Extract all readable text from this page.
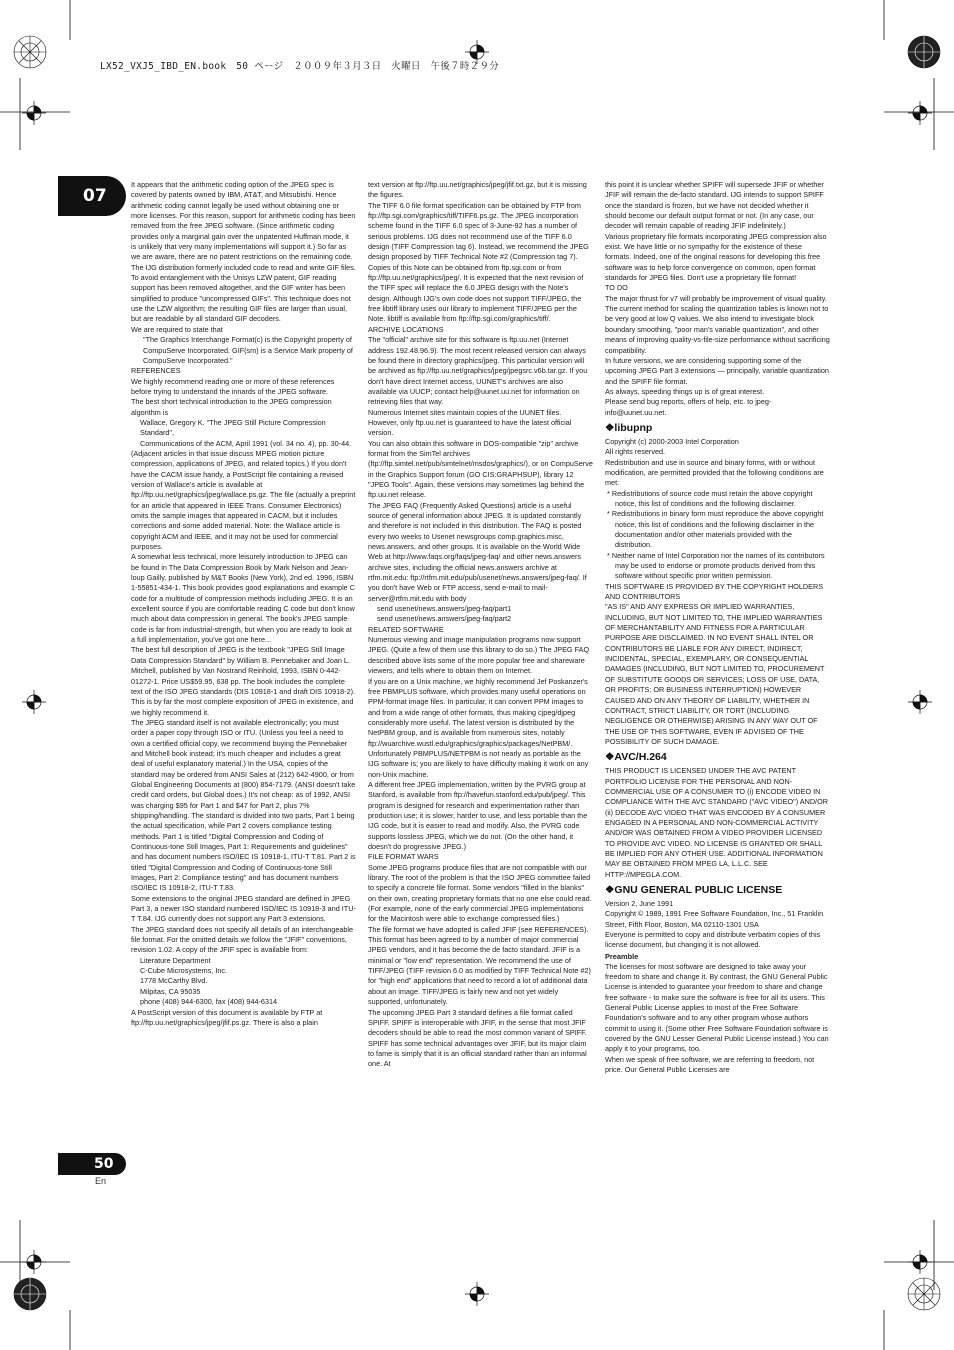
LX52_VXJ5_IBD_EN.book　50 ページ　２００９年３月３日　火曜日　午後７時２９分
07

It appears that the arithmetic coding option of the JPEG spec is covered by patents owned by IBM, AT&T, and Mitsubishi. Hence arithmetic coding cannot legally be used without obtaining one or more licenses. For this reason, support for arithmetic coding has been removed from the free JPEG software. (Since arithmetic coding provides only a marginal gain over the unpatented Huffman mode, it is unlikely that very many implementations will support it.) So far as we are aware, there are no patent restrictions on the remaining code.

The IJG distribution formerly included code to read and write GIF files. To avoid entanglement with the Unisys LZW patent, GIF reading support has been removed altogether, and the GIF writer has been simplified to produce "uncompressed GIFs". This technique does not use the LZW algorithm; the resulting GIF files are larger than usual, but are readable by all standard GIF decoders.

We are required to state that

"The Graphics Interchange Format(c) is the Copyright property of CompuServe Incorporated. GIF(sm) is a Service Mark property of CompuServe Incorporated."

REFERENCES

We highly recommend reading one or more of these references before trying to understand the innards of the JPEG software.

The best short technical introduction to the JPEG compression algorithm is

Wallace, Gregory K. "The JPEG Still Picture Compression Standard",

Communications of the ACM, April 1991 (vol. 34 no. 4), pp. 30-44.

(Adjacent articles in that issue discuss MPEG motion picture compression, applications of JPEG, and related topics.) If you don't have the CACM issue handy, a PostScript file containing a revised version of Wallace's article is available at ftp://ftp.uu.net/graphics/jpeg/wallace.ps.gz. The file (actually a preprint for an article that appeared in IEEE Trans. Consumer Electronics) omits the sample images that appeared in CACM, but it includes corrections and some added material. Note: the Wallace article is copyright ACM and IEEE, and it may not be used for commercial purposes.

A somewhat less technical, more leisurely introduction to JPEG can be found in The Data Compression Book by Mark Nelson and Jean-loup Gailly, published by M&T Books (New York), 2nd ed. 1996, ISBN 1-55851-434-1. This book provides good explanations and example C code for a multitude of compression methods including JPEG. It is an excellent source if you are comfortable reading C code but don't know much about data compression in general. The book's JPEG sample code is far from industrial-strength, but when you are ready to look at a full implementation, you've got one here...

The best full description of JPEG is the textbook "JPEG Still Image Data Compression Standard" by William B. Pennebaker and Joan L. Mitchell, published by Van Nostrand Reinhold, 1993, ISBN 0-442-01272-1. Price US$59.95, 638 pp. The book includes the complete text of the ISO JPEG standards (DIS 10918-1 and draft DIS 10918-2). This is by far the most complete exposition of JPEG in existence, and we highly recommend it.

The JPEG standard itself is not available electronically; you must order a paper copy through ISO or ITU. (Unless you feel a need to own a certified official copy, we recommend buying the Pennebaker and Mitchell book instead; it's much cheaper and includes a great deal of useful explanatory material.) In the USA, copies of the standard may be ordered from ANSI Sales at (212) 642-4900, or from Global Engineering Documents at (800) 854-7179. (ANSI doesn't take credit card orders, but Global does.) It's not cheap: as of 1992, ANSI was charging $95 for Part 1 and $47 for Part 2, plus 7% shipping/handling. The standard is divided into two parts, Part 1 being the actual specification, while Part 2 covers compliance testing methods. Part 1 is titled "Digital Compression and Coding of Continuous-tone Still Images, Part 1: Requirements and guidelines" and has document numbers ISO/IEC IS 10918-1, ITU-T T.81. Part 2 is titled "Digital Compression and Coding of Continuous-tone Still Images, Part 2: Compliance testing" and has document numbers ISO/IEC IS 10918-2, ITU-T T.83.

Some extensions to the original JPEG standard are defined in JPEG Part 3, a newer ISO standard numbered ISO/IEC IS 10918-3 and ITU-T T.84. IJG currently does not support any Part 3 extensions.

The JPEG standard does not specify all details of an interchangeable file format. For the omitted details we follow the "JFIF" conventions, revision 1.02. A copy of the JFIF spec is available from:

Literature Department

C-Cube Microsystems, Inc.

1778 McCarthy Blvd.

Milpitas, CA 95035

phone (408) 944-6300, fax (408) 944-6314

A PostScript version of this document is available by FTP at ftp://ftp.uu.net/graphics/jpeg/jfif.ps.gz. There is also a plain

text version at ftp://ftp.uu.net/graphics/jpeg/jfif.txt.gz, but it is missing the figures.

The TIFF 6.0 file format specification can be obtained by FTP from ftp://ftp.sgi.com/graphics/tiff/TIFF6.ps.gz. The JPEG incorporation scheme found in the TIFF 6.0 spec of 3-June-92 has a number of serious problems. IJG does not recommend use of the TIFF 6.0 design (TIFF Compression tag 6). Instead, we recommend the JPEG design proposed by TIFF Technical Note #2 (Compression tag 7). Copies of this Note can be obtained from ftp.sgi.com or from ftp://ftp.uu.net/graphics/jpeg/. It is expected that the next revision of the TIFF spec will replace the 6.0 JPEG design with the Note's design. Although IJG's own code does not support TIFF/JPEG, the free libtiff library uses our library to implement TIFF/JPEG per the Note. libtiff is available from ftp://ftp.sgi.com/graphics/tiff/.

ARCHIVE LOCATIONS

The "official" archive site for this software is ftp.uu.net (Internet address 192.48.96.9). The most recent released version can always be found there in directory graphics/jpeg. This particular version will be archived as ftp://ftp.uu.net/graphics/jpeg/jpegsrc.v6b.tar.gz. If you don't have direct Internet access, UUNET's archives are also available via UUCP; contact help@uunet.uu.net for information on retrieving files that way.

Numerous Internet sites maintain copies of the UUNET files. However, only ftp.uu.net is guaranteed to have the latest official version.

You can also obtain this software in DOS-compatible "zip" archive format from the SimTel archives (ftp://ftp.simtel.net/pub/simtelnet/msdos/graphics/), or on CompuServe in the Graphics Support forum (GO CIS:GRAPHSUP), library 12 "JPEG Tools". Again, these versions may sometimes lag behind the ftp.uu.net release.

The JPEG FAQ (Frequently Asked Questions) article is a useful source of general information about JPEG. It is updated constantly and therefore is not included in this distribution. The FAQ is posted every two weeks to Usenet newsgroups comp.graphics.misc, news.answers, and other groups. It is available on the World Wide Web at http://www.faqs.org/faqs/jpeg-faq/ and other news.answers archive sites, including the official news.answers archive at rtfm.mit.edu: ftp://rtfm.mit.edu/pub/usenet/news.answers/jpeg-faq/. If you don't have Web or FTP access, send e-mail to mail-server@rtfm.mit.edu with body

send usenet/news.answers/jpeg-faq/part1

send usenet/news.answers/jpeg-faq/part2

RELATED SOFTWARE

Numerous viewing and image manipulation programs now support JPEG. (Quite a few of them use this library to do so.) The JPEG FAQ described above lists some of the more popular free and shareware viewers, and tells where to obtain them on Internet.

If you are on a Unix machine, we highly recommend Jef Poskanzer's free PBMPLUS software, which provides many useful operations on PPM-format image files. In particular, it can convert PPM images to and from a wide range of other formats, thus making cjpeg/djpeg considerably more useful. The latest version is distributed by the NetPBM group, and is available from numerous sites, notably ftp://wuarchive.wustl.edu/graphics/graphics/packages/NetPBM/. Unfortunately PBMPLUS/NETPBM is not nearly as portable as the IJG software is; you are likely to have difficulty making it work on any non-Unix machine.

A different free JPEG implementation, written by the PVRG group at Stanford, is available from ftp://havefun.stanford.edu/pub/jpeg/. This program is designed for research and experimentation rather than production use; it is slower, harder to use, and less portable than the IJG code, but it is easier to read and modify. Also, the PVRG code supports lossless JPEG, which we do not. (On the other hand, it doesn't do progressive JPEG.)

FILE FORMAT WARS

Some JPEG programs produce files that are not compatible with our library. The root of the problem is that the ISO JPEG committee failed to specify a concrete file format. Some vendors "filled in the blanks" on their own, creating proprietary formats that no one else could read. (For example, none of the early commercial JPEG implementations for the Macintosh were able to exchange compressed files.)

The file format we have adopted is called JFIF (see REFERENCES). This format has been agreed to by a number of major commercial JPEG vendors, and it has become the de facto standard. JFIF is a minimal or "low end" representation. We recommend the use of TIFF/JPEG (TIFF revision 6.0 as modified by TIFF Technical Note #2) for "high end" applications that need to record a lot of additional data about an image. TIFF/JPEG is fairly new and not yet widely supported, unfortunately.

The upcoming JPEG Part 3 standard defines a file format called SPIFF. SPIFF is interoperable with JFIF, in the sense that most JFIF decoders should be able to read the most common variant of SPIFF. SPIFF has some technical advantages over JFIF, but its major claim to fame is simply that it is an official standard rather than an informal one. At

this point it is unclear whether SPIFF will supersede JFIF or whether JFIF will remain the de-facto standard. IJG intends to support SPIFF once the standard is frozen, but we have not decided whether it should become our default output format or not. (In any case, our decoder will remain capable of reading JFIF indefinitely.)

Various proprietary file formats incorporating JPEG compression also exist. We have little or no sympathy for the existence of these formats. Indeed, one of the original reasons for developing this free software was to help force convergence on common, open format standards for JPEG files. Don't use a proprietary file format!

TO DO

The major thrust for v7 will probably be improvement of visual quality. The current method for scaling the quantization tables is known not to be very good at low Q values. We also intend to investigate block boundary smoothing, "poor man's variable quantization", and other means of improving quality-vs-file-size performance without sacrificing compatibility.

In future versions, we are considering supporting some of the upcoming JPEG Part 3 extensions — principally, variable quantization and the SPIFF file format.

As always, speeding things up is of great interest.

Please send bug reports, offers of help, etc. to jpeg-info@uunet.uu.net.

❖libupnp

Copyright (c) 2000-2003 Intel Corporation

All rights reserved.

Redistribution and use in source and binary forms, with or without modification, are permitted provided that the following conditions are met:

* Redistributions of source code must retain the above copyright notice, this list of conditions and the following disclaimer.

* Redistributions in binary form must reproduce the above copyright notice, this list of conditions and the following disclaimer in the documentation and/or other materials provided with the distribution.

* Neither name of Intel Corporation nor the names of its contributors may be used to endorse or promote products derived from this software without specific prior written permission.

THIS SOFTWARE IS PROVIDED BY THE COPYRIGHT HOLDERS AND CONTRIBUTORS

"AS IS" AND ANY EXPRESS OR IMPLIED WARRANTIES, INCLUDING, BUT NOT LIMITED TO, THE IMPLIED WARRANTIES OF MERCHANTABILITY AND FITNESS FOR A PARTICULAR PURPOSE ARE DISCLAIMED. IN NO EVENT SHALL INTEL OR CONTRIBUTORS BE LIABLE FOR ANY DIRECT, INDIRECT, INCIDENTAL, SPECIAL, EXEMPLARY, OR CONSEQUENTIAL DAMAGES (INCLUDING, BUT NOT LIMITED TO, PROCUREMENT OF SUBSTITUTE GOODS OR SERVICES; LOSS OF USE, DATA, OR PROFITS; OR BUSINESS INTERRUPTION) HOWEVER CAUSED AND ON ANY THEORY OF LIABILITY, WHETHER IN CONTRACT, STRICT LIABILITY, OR TORT (INCLUDING NEGLIGENCE OR OTHERWISE) ARISING IN ANY WAY OUT OF THE USE OF THIS SOFTWARE, EVEN IF ADVISED OF THE POSSIBILITY OF SUCH DAMAGE.

❖AVC/H.264

THIS PRODUCT IS LICENSED UNDER THE AVC PATENT PORTFOLIO LICENSE FOR THE PERSONAL AND NON-COMMERCIAL USE OF A CONSUMER TO (i) ENCODE VIDEO IN COMPLIANCE WITH THE AVC STANDARD ("AVC VIDEO") AND/OR (ii) DECODE AVC VIDEO THAT WAS ENCODED BY A CONSUMER ENGAGED IN A PERSONAL AND NON-COMMERCIAL ACTIVITY AND/OR WAS OBTAINED FROM A VIDEO PROVIDER LICENSED TO PROVIDE AVC VIDEO. NO LICENSE IS GRANTED OR SHALL BE IMPLIED FOR ANY OTHER USE. ADDITIONAL INFORMATION MAY BE OBTAINED FROM MPEG LA, L.L.C. SEE HTTP://MPEGLA.COM.

❖GNU GENERAL PUBLIC LICENSE

Version 2, June 1991

Copyright © 1989, 1991 Free Software Foundation, Inc., 51 Franklin Street, Fifth Floor, Boston, MA 02110-1301 USA

Everyone is permitted to copy and distribute verbatim copies of this license document, but changing it is not allowed.

Preamble

The licenses for most software are designed to take away your freedom to share and change it. By contrast, the GNU General Public License is intended to guarantee your freedom to share and change free software - to make sure the software is free for all its users. This General Public License applies to most of the Free Software Foundation's software and to any other program whose authors commit to using it. (Some other Free Software Foundation software is covered by the GNU Lesser General Public License instead.) You can apply it to your programs, too.

When we speak of free software, we are referring to freedom, not price. Our General Public Licenses are

50
En
